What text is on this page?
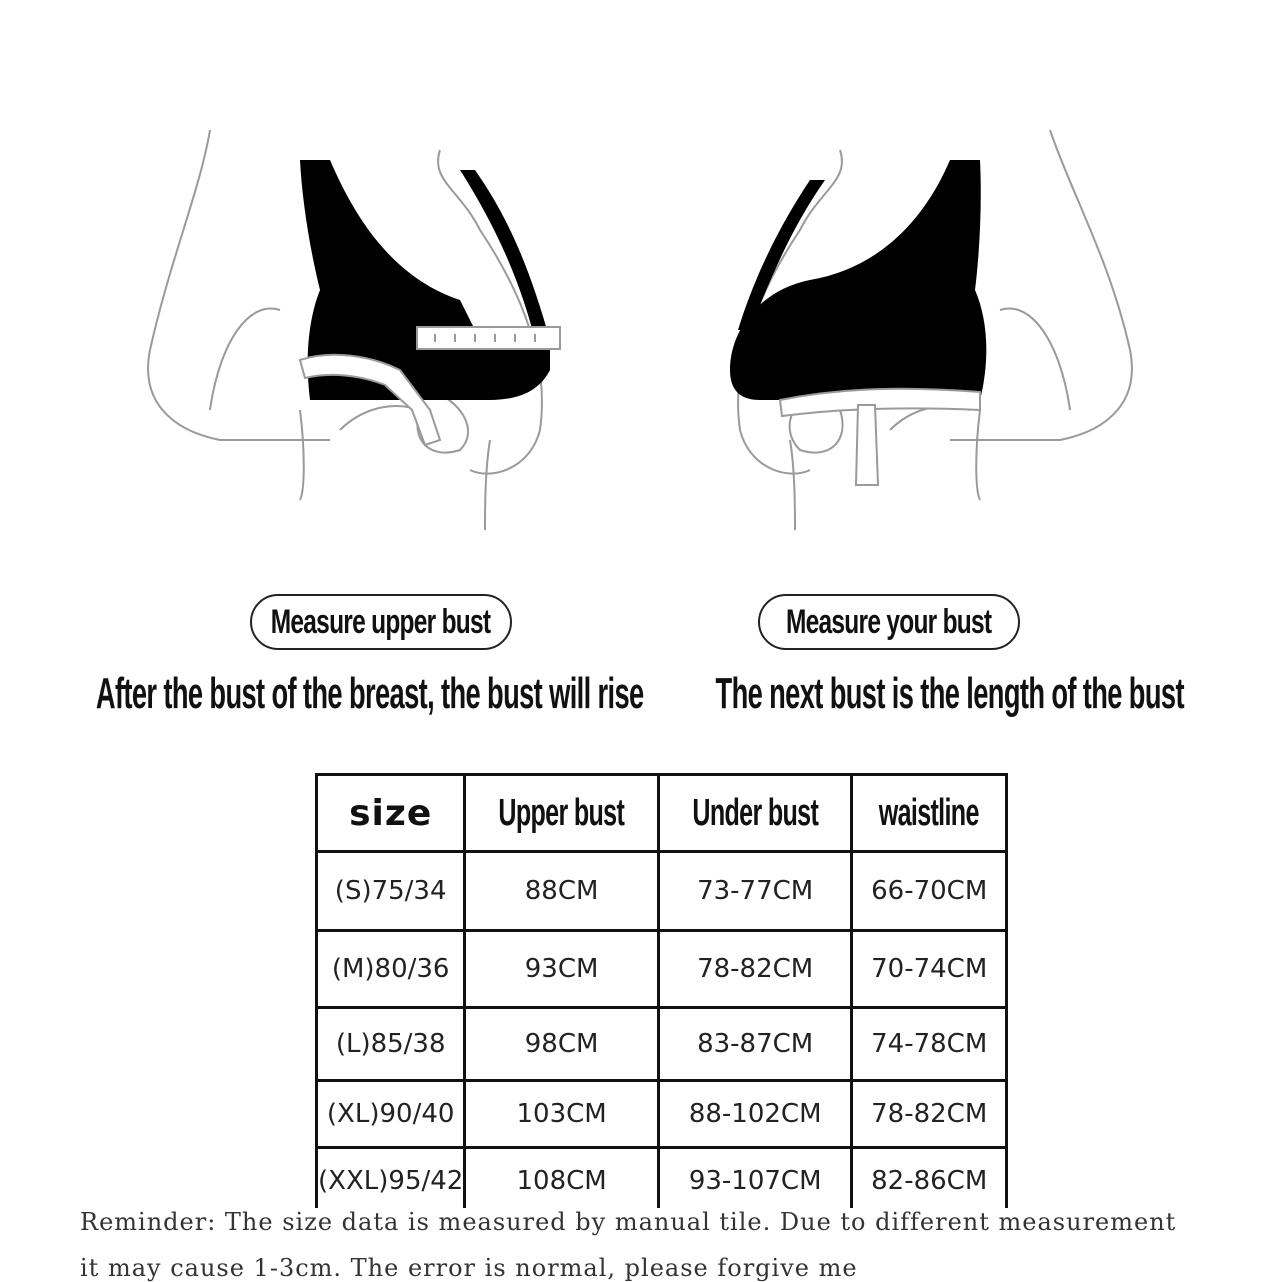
Measure upper bust	Measure your bust
After the bust of the breast, the bust will rise The next bust is the length of the bust
size	Upper bust	Under bust	waistline
(S)75/34	88CM	73-77CM	66-70CM
(M)80/36	93CM	78-82CM	70-74CM
(L)85/38	98CM	83-87CM	74-78CM
(XL)90/40	103CM	88-102CM	78-82CM
(XXL)95/42	108CM	93-107CM	82-86CM
Reminder: The size data is measured by manual tile. Due to different measurement
it may cause 1-3cm. The error is normal, please forgive me
